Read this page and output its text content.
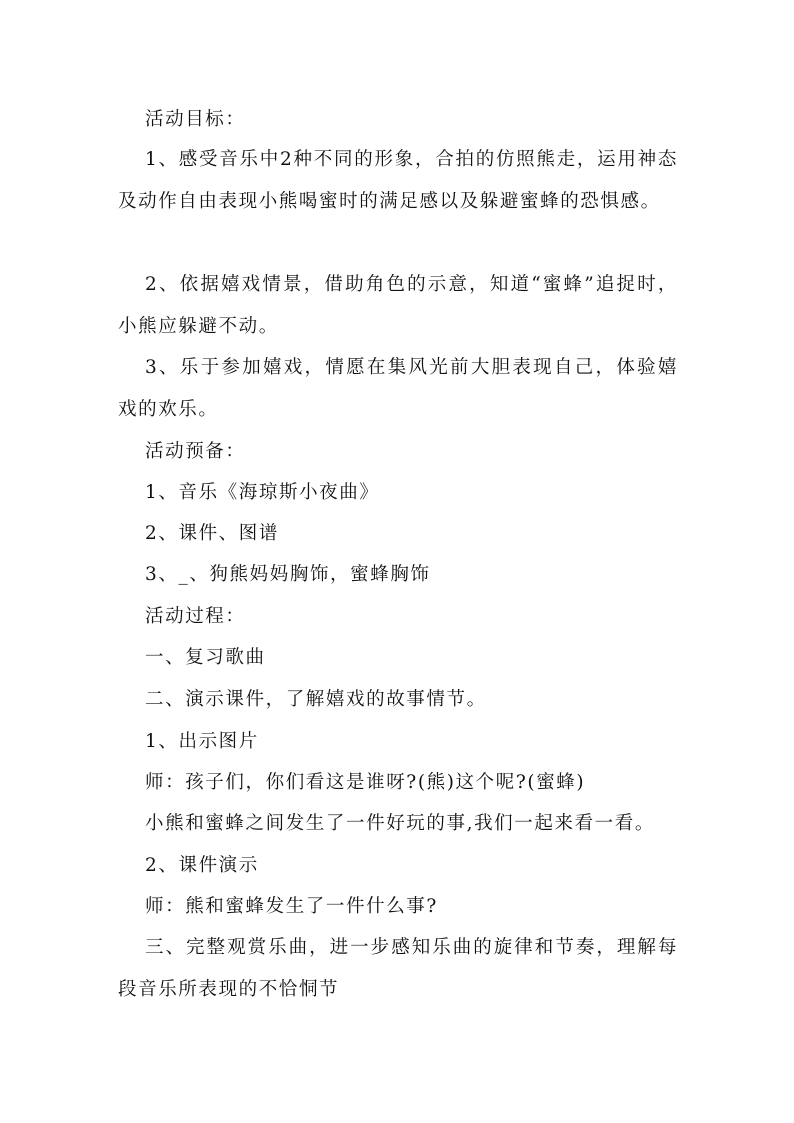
活动目标：

1、感受音乐中2种不同的形象，合拍的仿照熊走，运用神态及动作自由表现小熊喝蜜时的满足感以及躲避蜜蜂的恐惧感。

2、依据嬉戏情景，借助角色的示意，知道“蜜蜂”追捉时，小熊应躲避不动。

3、乐于参加嬉戏，情愿在集风光前大胆表现自己，体验嬉戏的欢乐。

活动预备：
1、音乐《海琼斯小夜曲》
2、课件、图谱
3、_、狗熊妈妈胸饰，蜜蜂胸饰
活动过程：
一、复习歌曲
二、演示课件，了解嬉戏的故事情节。
1、出示图片
师：孩子们，你们看这是谁呀?(熊)这个呢?(蜜蜂)
小熊和蜜蜂之间发生了一件好玩的事,我们一起来看一看。
2、课件演示
师：熊和蜜蜂发生了一件什么事?

三、完整观赏乐曲，进一步感知乐曲的旋律和节奏，理解每段音乐所表现的不恰恫节
